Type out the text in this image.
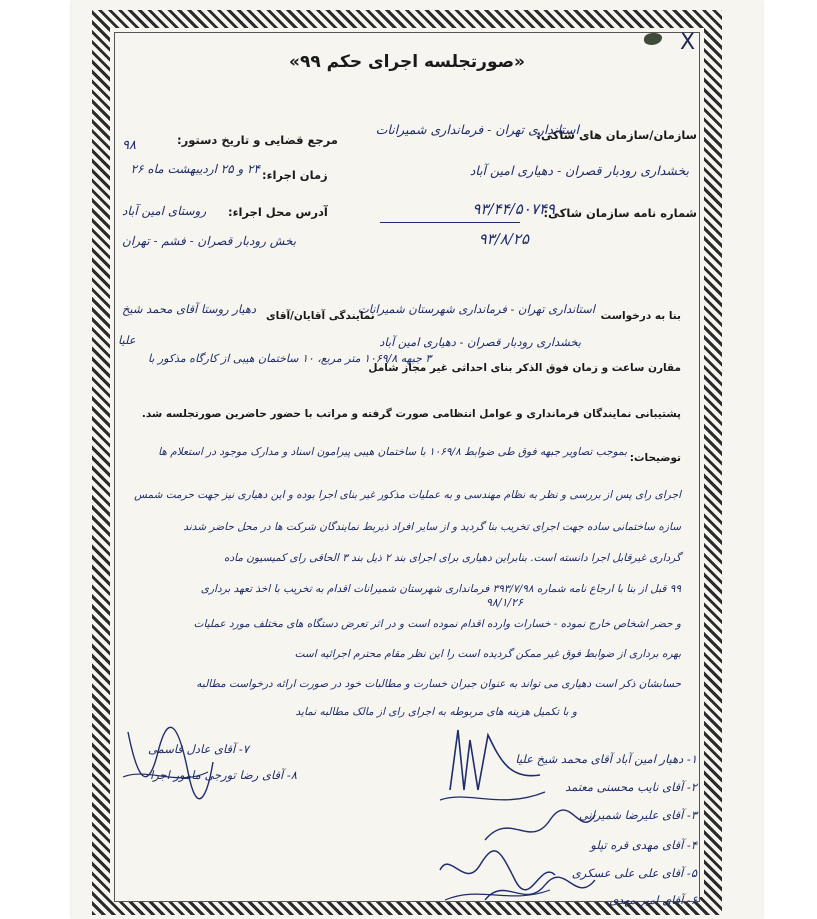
X
«صورتجلسه اجرای حکم ۹۹»
سازمان/سازمان های شاکی:
استانداری تهران - فرمانداری شمیرانات
بخشداری رودبار قصران - دهیاری امین آباد
شماره نامه سازمان شاکی:
۹۳/۴۴/۵۰۷۴۹
۹۳/۸/۲۵
مرجع قضایی و تاریخ دستور:
۹۸
زمان اجراء:
۲۴ و ۲۵ اردیبهشت ماه ۲۶
آدرس محل اجراء:
روستای امین آباد
بخش رودبار قصران - فشم - تهران
بنا به درخواست
استانداری تهران - فرمانداری شهرستان شمیرانات
نمایندگی آقایان/آقای
دهیار روستا آقای محمد شیخ
بخشداری رودبار قصران - دهیاری امین آباد
علیا
مقارن ساعت و زمان فوق الذکر بنای احداثی غیر مجاز شامل
۳ جبهه ۱۰۶۹/۸ متر مربع، ۱۰ ساختمان هیبی از کارگاه مذکور با
پشتیبانی نمایندگان فرمانداری و عوامل انتظامی صورت گرفته و مراتب با حضور حاضرین صورتجلسه شد.
توضیحات:
بموجب تصاویر جبهه فوق طی ضوابط ۱۰۶۹/۸ با ساختمان هیبی پیرامون اسناد و مدارک موجود در استعلام ها
اجرای رای پس از بررسی و نظر به نظام مهندسی و به عملیات مذکور غیر بنای اجرا بوده و این دهیاری نیز جهت حرمت شمس
سازه ساختمانی ساده جهت اجرای تخریب بنا گردید و از سایر افراد ذیربط نمایندگان شرکت ها در محل حاضر شدند
گرداری غیرقابل اجرا دانسته است. بنابراین دهیاری برای اجرای بند ۲ ذیل بند ۳ الحاقی رای کمیسیون ماده
۹۹ قبل از بنا با ارجاع نامه شماره ۳۹۳/۷/۹۸ فرمانداری شهرستان شمیرانات اقدام به تخریب با اخذ تعهد برداری
۹۸/۱/۲۶
و حضر اشخاص خارج نموده - خسارات وارده اقدام نموده است و در اثر تعرض دستگاه های مختلف مورد عملیات
بهره برداری از ضوابط فوق غیر ممکن گردیده است را این نظر مقام محترم اجرائیه است
حسابشان ذکر است دهیاری می تواند به عنوان جبران خسارت و مطالبات خود در صورت ارائه درخواست مطالبه
و با تکمیل هزینه های مربوطه به اجرای رای از مالک مطالبه نماید
۱- دهیار امین آباد آقای محمد شیخ علیا
۲- آقای نایب محسنی معتمد
۳- آقای علیرضا شمیرانی
۴- آقای مهدی قره تپلو
۵- آقای علی علی عسکری
۶- آقای امیر مهدی
۷- آقای عادل قاسمی
۸- آقای رضا تورجی مامور اجرا
